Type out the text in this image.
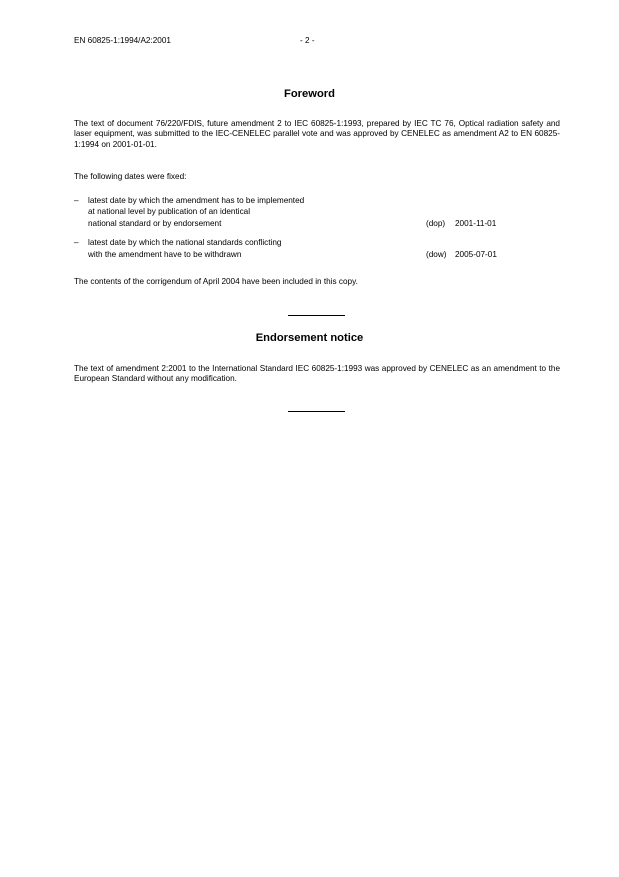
EN 60825-1:1994/A2:2001	- 2 -
Foreword
The text of document 76/220/FDIS, future amendment 2 to IEC 60825-1:1993, prepared by IEC TC 76, Optical radiation safety and laser equipment, was submitted to the IEC-CENELEC parallel vote and was approved by CENELEC as amendment A2 to EN 60825-1:1994 on 2001-01-01.
The following dates were fixed:
– latest date by which the amendment has to be implemented
at national level by publication of an identical
national standard or by endorsement	(dop) 2001-11-01
– latest date by which the national standards conflicting
with the amendment have to be withdrawn	(dow) 2005-07-01
The contents of the corrigendum of April 2004 have been included in this copy.
Endorsement notice
The text of amendment 2:2001 to the International Standard IEC 60825-1:1993 was approved by CENELEC as an amendment to the European Standard without any modification.
